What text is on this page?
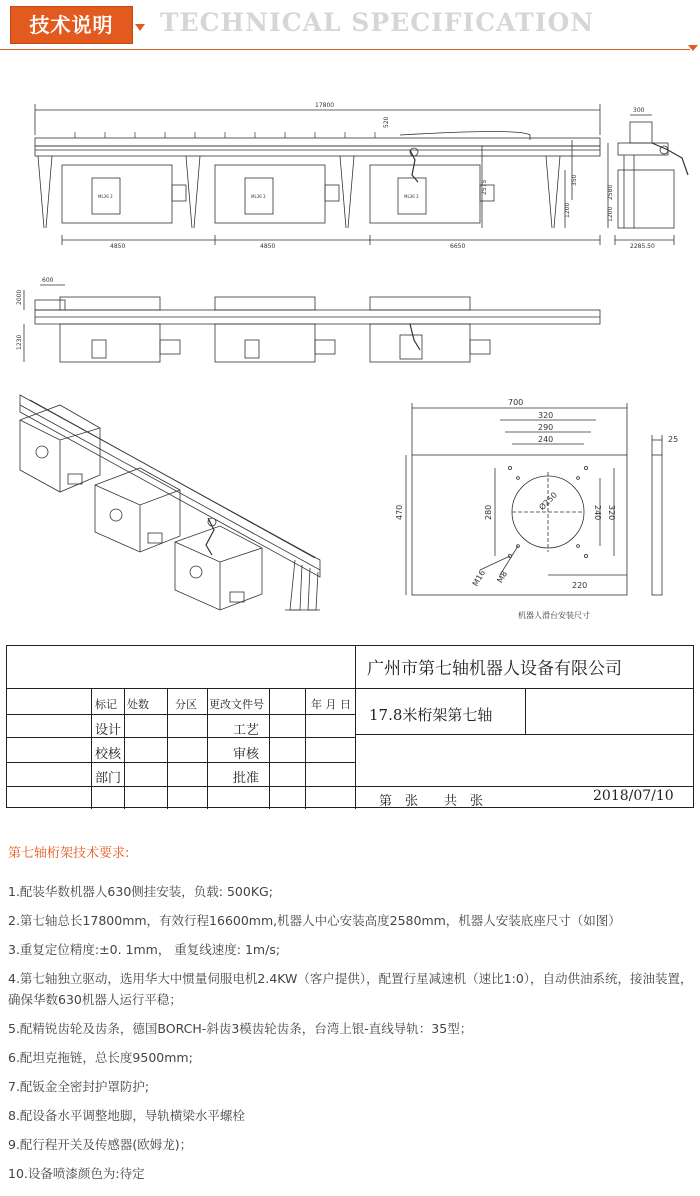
技术说明	TECHNICAL SPECIFICATION
17800
4850	4850	6650
2575
1200
350
520
ML36 3	ML36 3	ML36 3
300
2580
1200
2285.50
600
2000
1230
700
320
290
240
470	280	240 320
220
25
Ø250
M16 M8
机器人滑台安装尺寸
广州市第七轴机器人设备有限公司
标记 处数 分区 更改文件号	年 月 日
17.8米桁架第七轴
设计	工艺
校核	审核
部门	批准
第　张　　共　张	2018/07/10
第七轴桁架技术要求:
1.配装华数机器人630侧挂安装，负载: 500KG;
2.第七轴总长17800mm，有效行程16600mm,机器人中心安装高度2580mm，机器人安装底座尺寸（如图）
3.重复定位精度:±0. 1mm， 重复线速度: 1m/s;
4.第七轴独立驱动，选用华大中惯量伺服电机2.4KW（客户提供），配置行星减速机（速比1:0），自动供油系统，接油装置，确保华数630机器人运行平稳；
5.配精锐齿轮及齿条，德国BORCH-斜齿3模齿轮齿条，台湾上银-直线导轨：35型；
6.配坦克拖链，总长度9500mm;
7.配钣金全密封护罩防护;
8.配设备水平调整地脚，导轨横梁水平螺栓
9.配行程开关及传感器(欧姆龙)；
10.设备喷漆颜色为:待定
